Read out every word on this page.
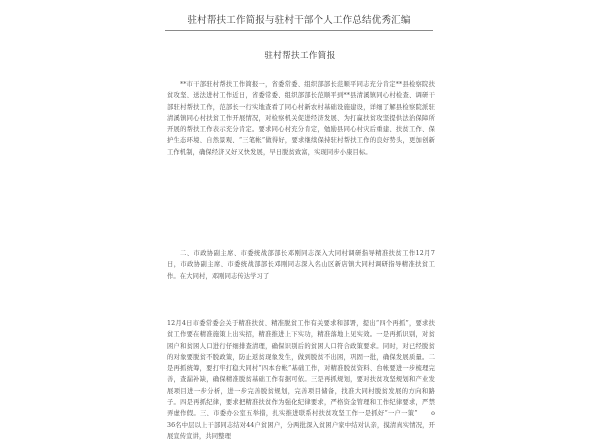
驻村帮扶工作简报与驻村干部个人工作总结优秀汇编
驻村帮扶工作简报

**市干部驻村帮扶工作简报一，省委常委、组织部部长范顺平同志充分肯定**县检察院扶贫攻坚、送法进村工作近日，省委常委、组织部部长范顺平到**县清溪镇同心村检查、调研干部驻村帮扶工作，范部长一行实地查看了同心村新农村基础设施建设，详细了解县检察院派驻清溪镇同心村扶贫工作开展情况，对检察机关促进经济发展、为打赢扶贫攻坚提供法治保障所开展的帮扶工作表示充分肯定。要求同心村充分肯定，勉励县同心村灾后重建、扶贫工作、保护生态环境、自然景观、“三笔帐”做得好，要求继续保持驻村帮扶工作的良好势头，更加创新工作机制，确保经济又好又快发展，早日脱贫致富，实现同步小康目标。

二、市政协副主席、市委统战部部长邓刚同志深入大同村调研指导精准扶贫工作12月7日，市政协副主席、市委统战部部长邓刚同志深入名山区新店镇大同村调研指导精准扶贫工作。在大同村，邓刚同志传达学习了

12月4日市委常委会关于精准扶贫、精准脱贫工作有关要求和部署，提出“四个再抓”，要求扶贫工作要在精准施策上出实招，精准推进上下实功，精准落地上见实效。一是再抓识别，对贫困户和贫困人口进行仔细排查清理，确保识别后的贫困人口符合政策要求。同时，对已经脱贫的对象要脱贫不脱政策，防止返贫现象发生，做到脱贫不出困，巩固一批，确保发展质量。二是再抓统筹，要打牢打稳大同村“四本台帐”基础工作，对精准脱贫资料、台帐要进一步梳理完善，查漏补缺，确保精准脱贫基础工作有据可依。三是再抓规划，要对扶贫攻坚规划和产业发展项目进一步分析，进一步完善脱贫规划，完善项目储备，找准大同村脱贫发展的方向和路子。四是再抓纪律，要求把精准扶贫作为强化纪律要求，严格资金管理和工作纪律要求，严禁弄虚作假。三、市委办公室五举措，扎实推进联系村扶贫攻坚工作一是抓好“一户一策”　　o　　36名中层以上干部同志结对44户贫困户，分两批深入贫困户家中结对认亲，摸清真实情况，开展宣传宣讲，共同整理
